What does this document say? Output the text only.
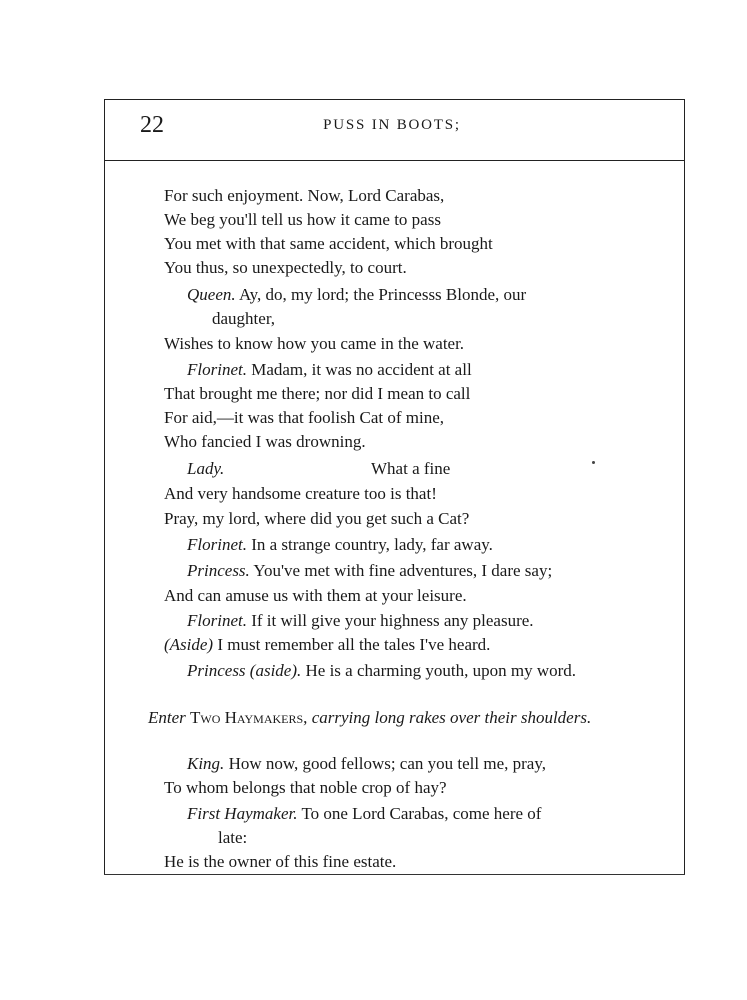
22	PUSS IN BOOTS;
For such enjoyment. Now, Lord Carabas,
We beg you'll tell us how it came to pass
You met with that same accident, which brought
You thus, so unexpectedly, to court.
Queen. Ay, do, my lord; the Princesss Blonde, our
daughter,
Wishes to know how you came in the water.
Florinet. Madam, it was no accident at all
That brought me there; nor did I mean to call
For aid,—it was that foolish Cat of mine,
Who fancied I was drowning.
Lady.	What a fine
And very handsome creature too is that!
Pray, my lord, where did you get such a Cat?
Florinet. In a strange country, lady, far away.
Princess. You've met with fine adventures, I dare say;
And can amuse us with them at your leisure.
Florinet. If it will give your highness any pleasure.
(Aside) I must remember all the tales I've heard.
Princess (aside). He is a charming youth, upon my word.
Enter Two Haymakers, carrying long rakes over their shoulders.
King. How now, good fellows; can you tell me, pray,
To whom belongs that noble crop of hay?
First Haymaker. To one Lord Carabas, come here of
late:
He is the owner of this fine estate.
